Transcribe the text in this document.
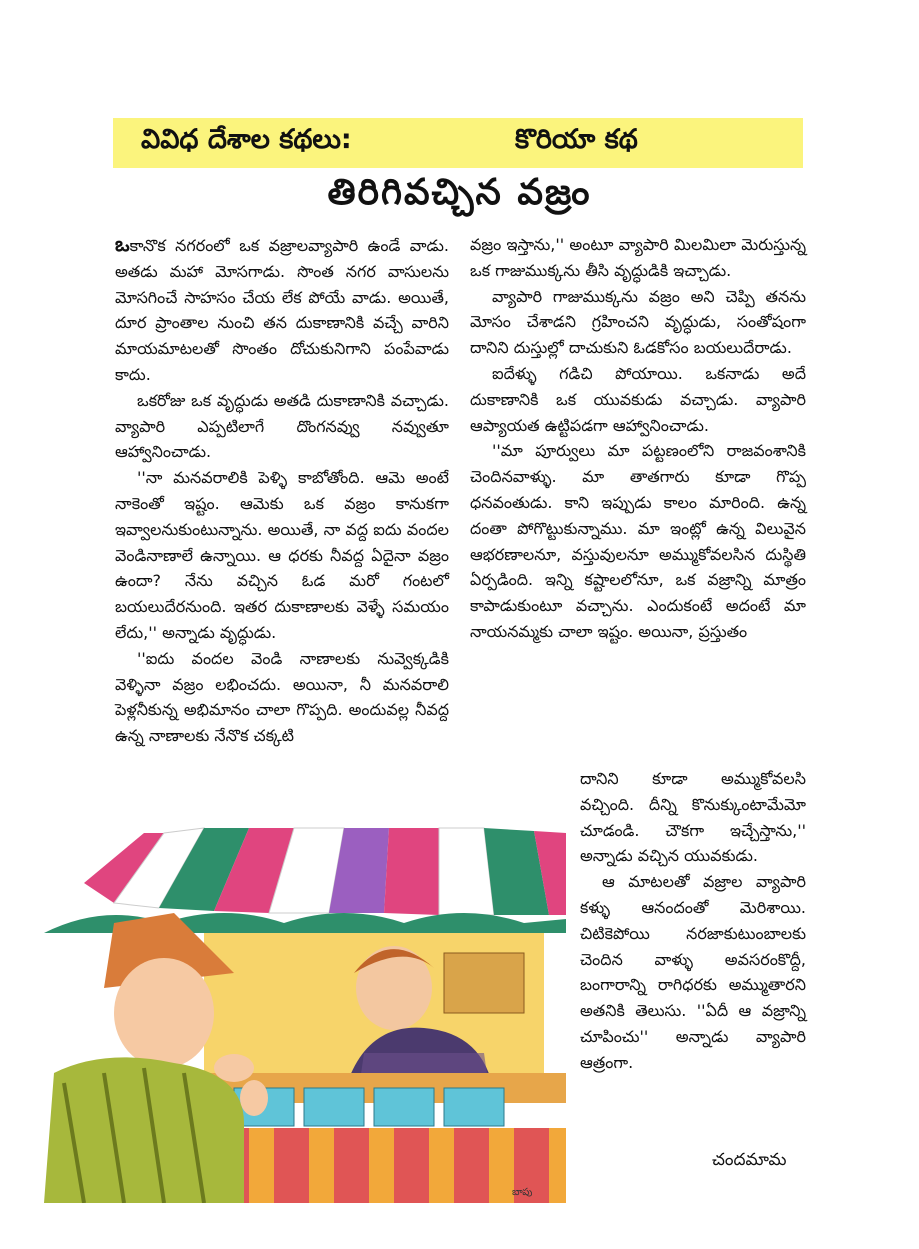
వివిధ దేశాల కథలు:	కొరియా కథ
తిరిగివచ్చిన వజ్రం

ఒకానొక నగరంలో ఒక వజ్రాలవ్యాపారి ఉండే వాడు. అతడు మహా మోసగాడు. సొంత నగర వాసులను మోసగించే సాహసం చేయ లేక పోయే వాడు. అయితే, దూర ప్రాంతాల నుంచి తన దుకాణానికి వచ్చే వారిని మాయమాటలతో సొంతం దోచుకునిగాని పంపేవాడు కాదు.

ఒకరోజు ఒక వృద్ధుడు అతడి దుకాణానికి వచ్చాడు. వ్యాపారి ఎప్పటిలాగే దొంగనవ్వు నవ్వుతూ ఆహ్వానించాడు.

''నా మనవరాలికి పెళ్ళి కాబోతోంది. ఆమె అంటే నాకెంతో ఇష్టం. ఆమెకు ఒక వజ్రం కానుకగా ఇవ్వాలనుకుంటున్నాను. అయితే, నా వద్ద ఐదు వందల వెండినాణాలే ఉన్నాయి. ఆ ధరకు నీవద్ద ఏదైనా వజ్రం ఉందా? నేను వచ్చిన ఓడ మరో గంటలో బయలుదేరనుంది. ఇతర దుకాణాలకు వెళ్ళే సమయం లేదు,'' అన్నాడు వృద్ధుడు.

''ఐదు వందల వెండి నాణాలకు నువ్వెక్కడికి వెళ్ళినా వజ్రం లభించదు. అయినా, నీ మనవరాలి పెళ్లనీకున్న అభిమానం చాలా గొప్పది. అందువల్ల నీవద్ద ఉన్న నాణాలకు నేనొక చక్కటి

వజ్రం ఇస్తాను,'' అంటూ వ్యాపారి మిలమిలా మెరుస్తున్న ఒక గాజుముక్కను తీసి వృద్ధుడికి ఇచ్చాడు.

వ్యాపారి గాజుముక్కను వజ్రం అని చెప్పి తనను మోసం చేశాడని గ్రహించని వృద్ధుడు, సంతోషంగా దానిని దుస్తుల్లో దాచుకుని ఓడకోసం బయలుదేరాడు.

ఐదేళ్ళు గడిచి పోయాయి. ఒకనాడు అదే దుకాణానికి ఒక యువకుడు వచ్చాడు. వ్యాపారి ఆప్యాయత ఉట్టిపడగా ఆహ్వానించాడు.

''మా పూర్వులు మా పట్టణంలోని రాజవంశానికి చెందినవాళ్ళు. మా తాతగారు కూడా గొప్ప ధనవంతుడు. కాని ఇప్పుడు కాలం మారింది. ఉన్న దంతా పోగొట్టుకున్నాము. మా ఇంట్లో ఉన్న విలువైన ఆభరణాలనూ, వస్తువులనూ అమ్ముకోవలసిన దుస్థితి ఏర్పడింది. ఇన్ని కష్టాలలోనూ, ఒక వజ్రాన్ని మాత్రం కాపాడుకుంటూ వచ్చాను. ఎందుకంటే అదంటే మా నాయనమ్మకు చాలా ఇష్టం. అయినా, ప్రస్తుతం

దానిని కూడా అమ్ముకోవలసి వచ్చింది. దీన్ని కొనుక్కుంటామేమో చూడండి. చౌకగా ఇచ్చేస్తాను,'' అన్నాడు వచ్చిన యువకుడు.

ఆ మాటలతో వజ్రాల వ్యాపారి కళ్ళు ఆనందంతో మెరిశాయి. చిటికెపోయి నరజాకుటుంబాలకు చెందిన వాళ్ళు అవసరంకొద్దీ, బంగారాన్ని రాగిధరకు అమ్ముతారని అతనికి తెలుసు. ''ఏదీ ఆ వజ్రాన్ని చూపించు'' అన్నాడు వ్యాపారి ఆత్రంగా.

బాపు
చందమామ
